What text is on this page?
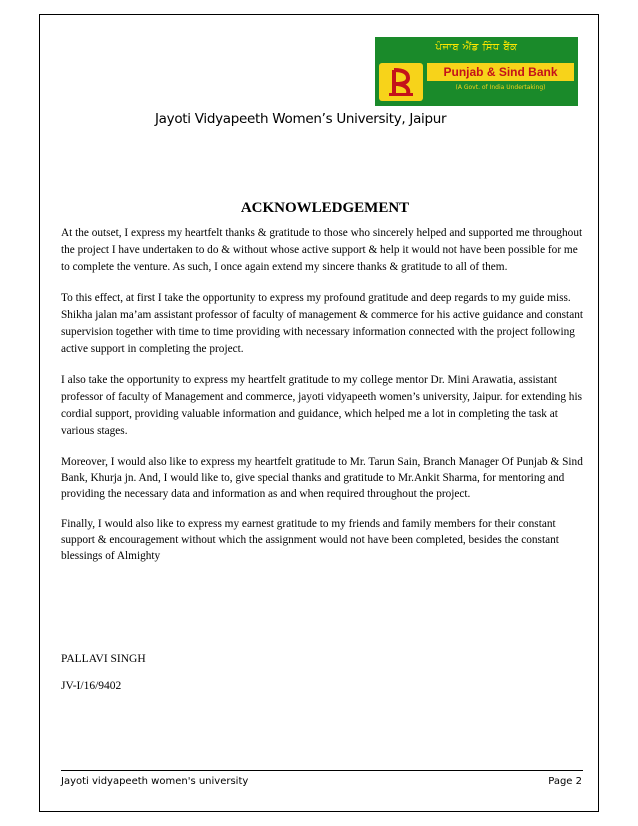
ਪੰਜਾਬ ਐਂਡ ਸਿੰਧ ਬੈਂਕ
Punjab & Sind Bank
(A Govt. of India Undertaking)
Jayoti Vidyapeeth Women’s University, Jaipur
ACKNOWLEDGEMENT

At the outset, I express my heartfelt thanks & gratitude to those who sincerely helped and supported me throughout the project I have undertaken to do & without whose active support & help it would not have been possible for me to complete the venture. As such, I once again extend my sincere thanks & gratitude to all of them.

To this effect, at first I take the opportunity to express my profound gratitude and deep regards to my guide miss. Shikha jalan ma’am assistant professor of faculty of management & commerce for his active guidance and constant supervision together with time to time providing with necessary information connected with the project following active support in completing the project.

I also take the opportunity to express my heartfelt gratitude to my college mentor Dr. Mini Arawatia, assistant professor of faculty of Management and commerce, jayoti vidyapeeth women’s university, Jaipur. for extending his cordial support, providing valuable information and guidance, which helped me a lot in completing the task at various stages.

Moreover, I would also like to express my heartfelt gratitude to Mr. Tarun Sain, Branch Manager Of Punjab & Sind Bank, Khurja jn. And, I would like to, give special thanks and gratitude to Mr.Ankit Sharma, for mentoring and providing the necessary data and information as and when required throughout the project.

Finally, I would also like to express my earnest gratitude to my friends and family members for their constant support & encouragement without which the assignment would not have been completed, besides the constant blessings of Almighty

PALLAVI SINGH
JV-I/16/9402
Jayoti vidyapeeth women's university	Page 2
